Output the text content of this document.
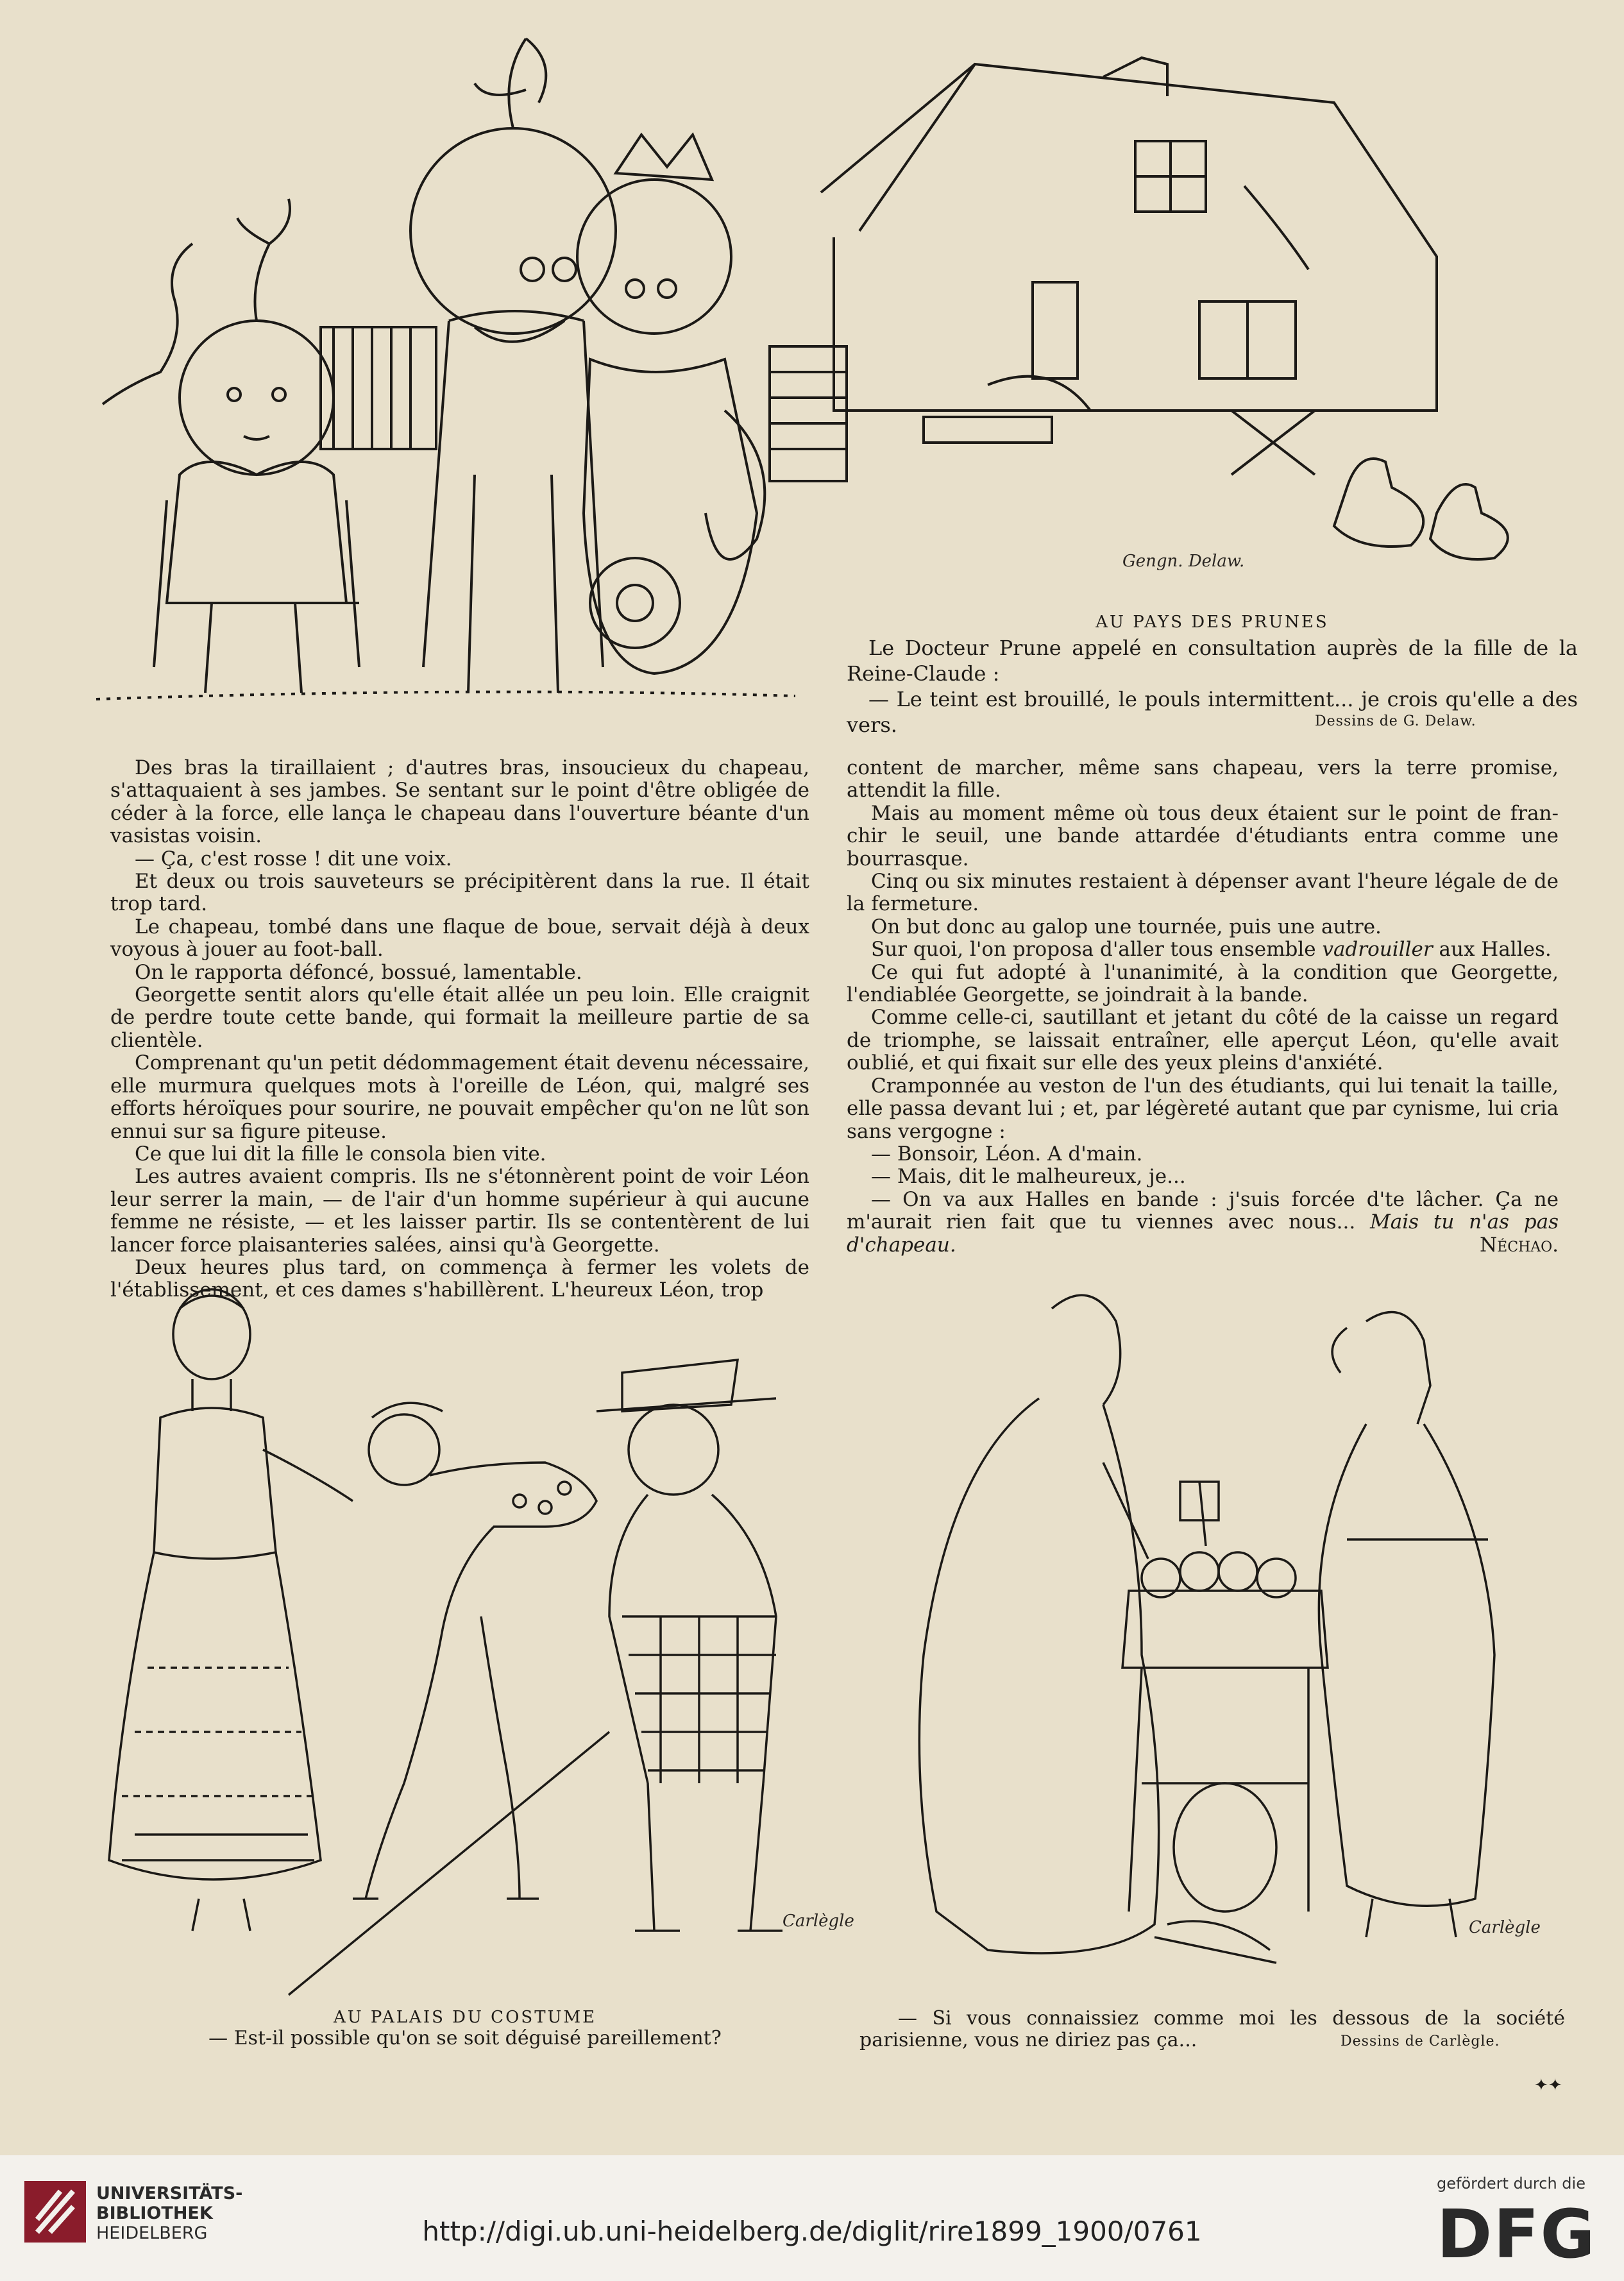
Gengn. Delaw.
AU PAYS DES PRUNES
Le Docteur Prune appelé en consultation auprès de la fille de la Reine-Claude :
— Le teint est brouillé, le pouls intermittent... je crois qu'elle a des vers.	Dessins de G. Delaw.

Des bras la tiraillaient ; d'autres bras, insoucieux du chapeau, s'attaquaient à ses jambes. Se sentant sur le point d'être obligée de céder à la force, elle lança le chapeau dans l'ouverture béante d'un vasistas voisin.

— Ça, c'est rosse ! dit une voix.

Et deux ou trois sauveteurs se précipitèrent dans la rue. Il était trop tard.

Le chapeau, tombé dans une flaque de boue, servait déjà à deux voyous à jouer au foot-ball.

On le rapporta défoncé, bossué, lamentable.

Georgette sentit alors qu'elle était allée un peu loin. Elle craignit de perdre toute cette bande, qui formait la meilleure partie de sa clientèle.

Comprenant qu'un petit dédommagement était devenu nécessaire, elle murmura quelques mots à l'oreille de Léon, qui, malgré ses efforts héroïques pour sourire, ne pouvait empêcher qu'on ne lût son ennui sur sa figure piteuse.

Ce que lui dit la fille le consola bien vite.

Les autres avaient compris. Ils ne s'étonnèrent point de voir Léon leur serrer la main, — de l'air d'un homme supérieur à qui aucune femme ne résiste, — et les laisser partir. Ils se contentèrent de lui lancer force plaisanteries salées, ainsi qu'à Georgette.

Deux heures plus tard, on commença à fermer les volets de l'établissement, et ces dames s'habillèrent. L'heureux Léon, trop

content de marcher, même sans chapeau, vers la terre promise, attendit la fille.

Mais au moment même où tous deux étaient sur le point de franchir le seuil, une bande attardée d'étudiants entra comme une bourrasque.

Cinq ou six minutes restaient à dépenser avant l'heure légale de de la fermeture.

On but donc au galop une tournée, puis une autre.

Sur quoi, l'on proposa d'aller tous ensemble vadrouiller aux Halles.

Ce qui fut adopté à l'unanimité, à la condition que Georgette, l'endiablée Georgette, se joindrait à la bande.

Comme celle-ci, sautillant et jetant du côté de la caisse un regard de triomphe, se laissait entraîner, elle aperçut Léon, qu'elle avait oublié, et qui fixait sur elle des yeux pleins d'anxiété.

Cramponnée au veston de l'un des étudiants, qui lui tenait la taille, elle passa devant lui ; et, par légèreté autant que par cynisme, lui cria sans vergogne :

— Bonsoir, Léon. A d'main.

— Mais, dit le malheureux, je...

— On va aux Halles en bande : j'suis forcée d'te lâcher. Ça ne m'aurait rien fait que tu viennes avec nous... Mais tu n'as pas d'chapeau.	Néchao.

Carlègle	Carlègle
AU PALAIS DU COSTUME
— Est-il possible qu'on se soit déguisé pareillement?
— Si vous connaissiez comme moi les dessous de la société parisienne, vous ne diriez pas ça...	Dessins de Carlègle.
✦✦
UNIVERSITÄTS-
BIBLIOTHEK
HEIDELBERG	http://digi.ub.uni-heidelberg.de/diglit/rire1899_1900/0761
gefördert durch die
DFG
